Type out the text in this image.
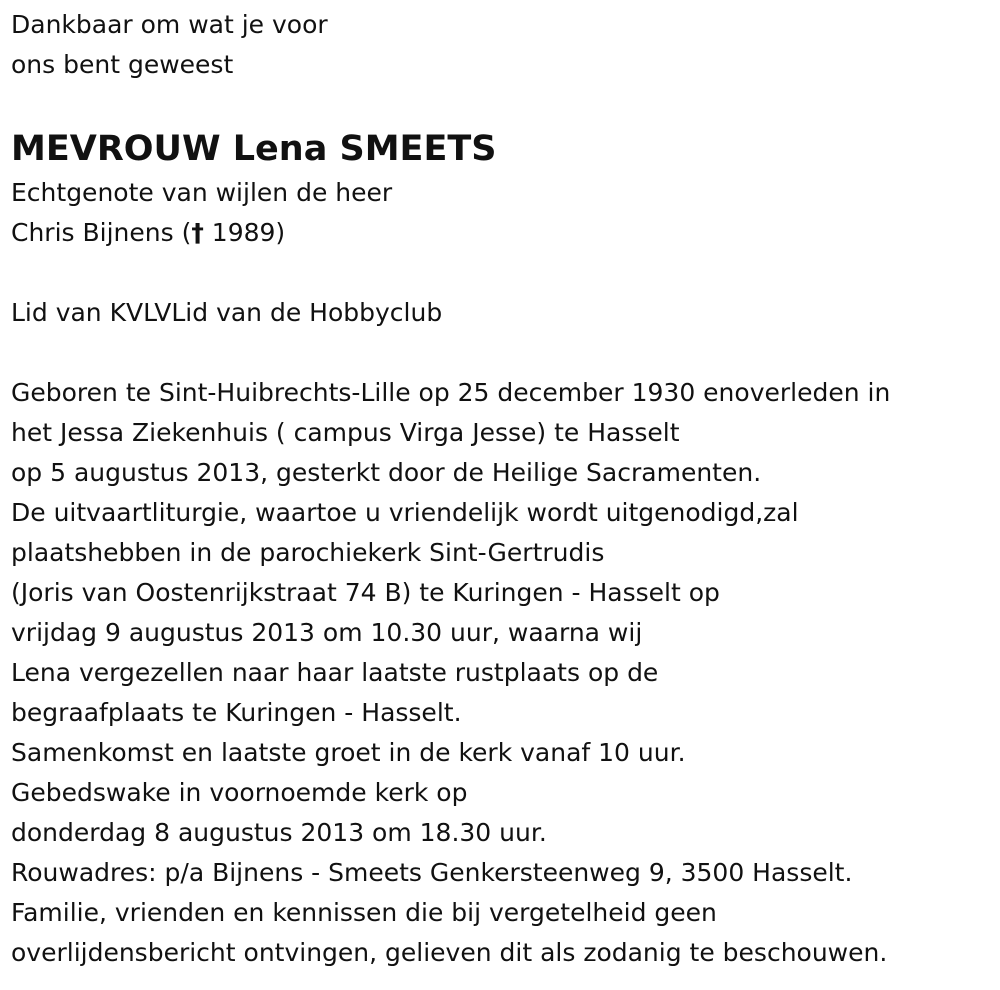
Dankbaar om wat je voor
ons bent geweest
MEVROUW Lena SMEETS
Echtgenote van wijlen de heer
Chris Bijnens († 1989)
Lid van KVLVLid van de Hobbyclub
Geboren te Sint-Huibrechts-Lille op 25 december 1930 enoverleden in
het Jessa Ziekenhuis ( campus Virga Jesse) te Hasselt
op 5 augustus 2013, gesterkt door de Heilige Sacramenten.
De uitvaartliturgie, waartoe u vriendelijk wordt uitgenodigd,zal
plaatshebben in de parochiekerk Sint-Gertrudis
(Joris van Oostenrijkstraat 74 B) te Kuringen - Hasselt op
vrijdag 9 augustus 2013 om 10.30 uur, waarna wij
Lena vergezellen naar haar laatste rustplaats op de
begraafplaats te Kuringen - Hasselt.
Samenkomst en laatste groet in de kerk vanaf 10 uur.
Gebedswake in voornoemde kerk op
donderdag 8 augustus 2013 om 18.30 uur.
Rouwadres: p/a Bijnens - Smeets Genkersteenweg 9, 3500 Hasselt.
Familie, vrienden en kennissen die bij vergetelheid geen
overlijdensbericht ontvingen, gelieven dit als zodanig te beschouwen.
